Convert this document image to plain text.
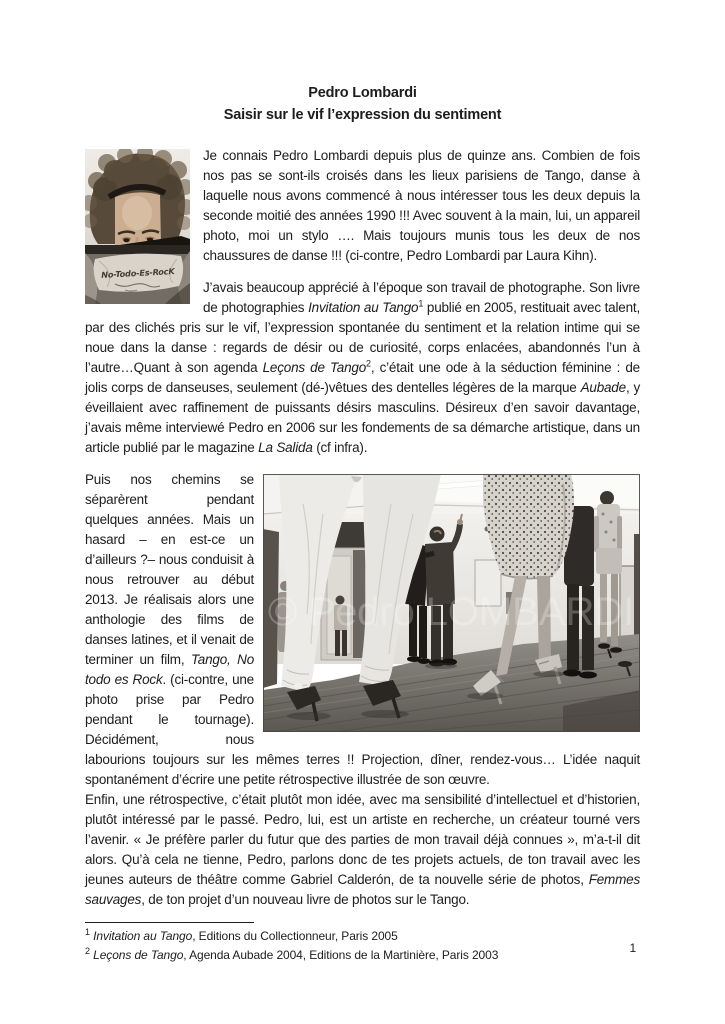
Pedro Lombardi
Saisir sur le vif l’expression du sentiment
No-Todo-Es-RocK

Je connais Pedro Lombardi depuis plus de quinze ans. Combien de fois nos pas se sont-ils croisés dans les lieux parisiens de Tango, danse à laquelle nous avons commencé à nous intéresser tous les deux depuis la seconde moitié des années 1990 !!! Avec souvent à la main, lui, un appareil photo, moi un stylo …. Mais toujours munis tous les deux de nos chaussures de danse !!! (ci-contre, Pedro Lombardi par Laura Kihn).

J’avais beaucoup apprécié à l’époque son travail de photographe. Son livre de photographies Invitation au Tango$^1$ publié en 2005, restituait avec talent, par des clichés pris sur le vif, l’expression spontanée du sentiment et la relation intime qui se noue dans la danse : regards de désir ou de curiosité, corps enlacées, abandonnés l’un à l’autre…Quant à son agenda Leçons de Tango$^2$, c’était une ode à la séduction féminine : de jolis corps de danseuses, seulement (dé-)vêtues des dentelles légères de la marque Aubade, y éveillaient avec raffinement de puissants désirs masculins. Désireux d’en savoir davantage, j’avais même interviewé Pedro en 2006 sur les fondements de sa démarche artistique, dans un article publié par le magazine La Salida (cf infra).

© Pedro LOMBARDI

Puis nos chemins se séparèrent pendant quelques années. Mais un hasard – en est-ce un d’ailleurs ?– nous conduisit à nous retrouver au début 2013. Je réalisais alors une anthologie des films de danses latines, et il venait de terminer un film, Tango, No todo es Rock. (ci-contre, une photo prise par Pedro pendant le tournage). Décidément, nous labourions toujours sur les mêmes terres !! Projection, dîner, rendez-vous… L’idée naquit spontanément d’écrire une petite rétrospective illustrée de son œuvre.

Enfin, une rétrospective, c’était plutôt mon idée, avec ma sensibilité d’intellectuel et d’historien, plutôt intéressé par le passé. Pedro, lui, est un artiste en recherche, un créateur tourné vers l’avenir. « Je préfère parler du futur que des parties de mon travail déjà connues », m’a-t-il dit alors. Qu’à cela ne tienne, Pedro, parlons donc de tes projets actuels, de ton travail avec les jeunes auteurs de théâtre comme Gabriel Calderón, de ta nouvelle série de photos, Femmes sauvages, de ton projet d’un nouveau livre de photos sur le Tango.

$^1$ Invitation au Tango, Editions du Collectionneur, Paris 2005

$^2$ Leçons de Tango, Agenda Aubade 2004, Editions de la Martinière, Paris 2003	1
